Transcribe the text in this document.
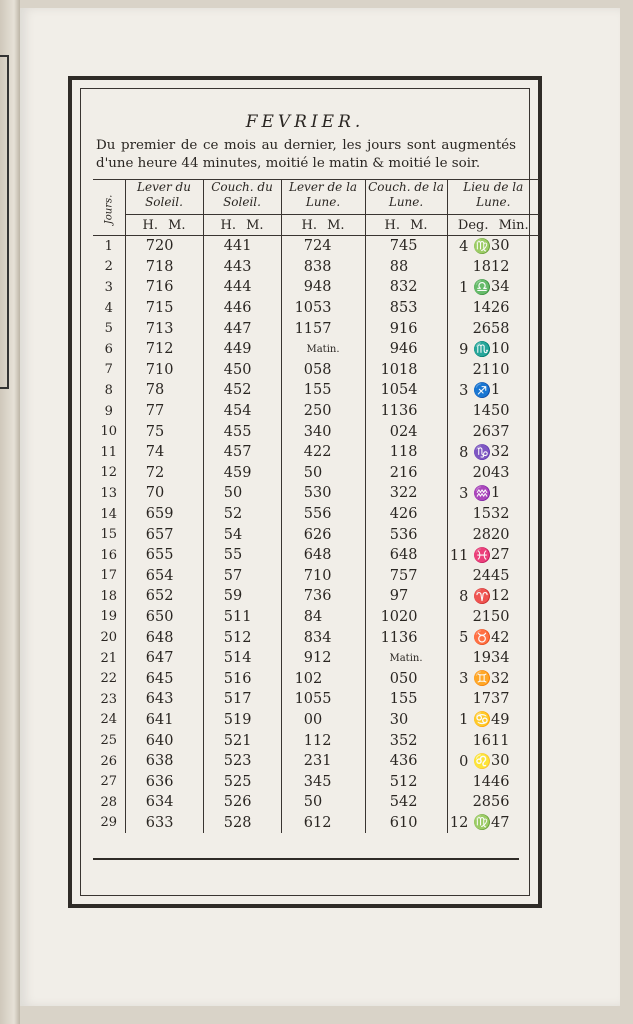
FEVRIER.
Du premier de ce mois au dernier, les jours sont augmentés d'une heure 44 minutes, moitié le matin & moitié le soir.
Jours.	Lever du Soleil.		Couch. du Soleil.		Lever de la Lune.		Couch. de la Lune.		Lieu de la Lune.	
	H. M.		H. M.		H. M.		H. M.		Deg. Min.	
1	7	20	4	41	7	24	7	45	4 ♍	30
2	7	18	4	43	8	38	8	8	18	12
3	7	16	4	44	9	48	8	32	1 ♎	34
4	7	15	4	46	10	53	8	53	14	26
5	7	13	4	47	11	57	9	16	26	58
6	7	12	4	49	Matin.		9	46	9 ♏	10
7	7	10	4	50	0	58	10	18	21	10
8	7	8	4	52	1	55	10	54	3 ♐	1
9	7	7	4	54	2	50	11	36	14	50
10	7	5	4	55	3	40	0	24	26	37
11	7	4	4	57	4	22	1	18	8 ♑	32
12	7	2	4	59	5	0	2	16	20	43
13	7	0	5	0	5	30	3	22	3 ♒	1
14	6	59	5	2	5	56	4	26	15	32
15	6	57	5	4	6	26	5	36	28	20
16	6	55	5	5	6	48	6	48	11 ♓	27
17	6	54	5	7	7	10	7	57	24	45
18	6	52	5	9	7	36	9	7	8 ♈	12
19	6	50	5	11	8	4	10	20	21	50
20	6	48	5	12	8	34	11	36	5 ♉	42
21	6	47	5	14	9	12	Matin.		19	34
22	6	45	5	16	10	2	0	50	3 ♊	32
23	6	43	5	17	10	55	1	55	17	37
24	6	41	5	19	0	0	3	0	1 ♋	49
25	6	40	5	21	1	12	3	52	16	11
26	6	38	5	23	2	31	4	36	0 ♌	30
27	6	36	5	25	3	45	5	12	14	46
28	6	34	5	26	5	0	5	42	28	56
29	6	33	5	28	6	12	6	10	12 ♍	47
